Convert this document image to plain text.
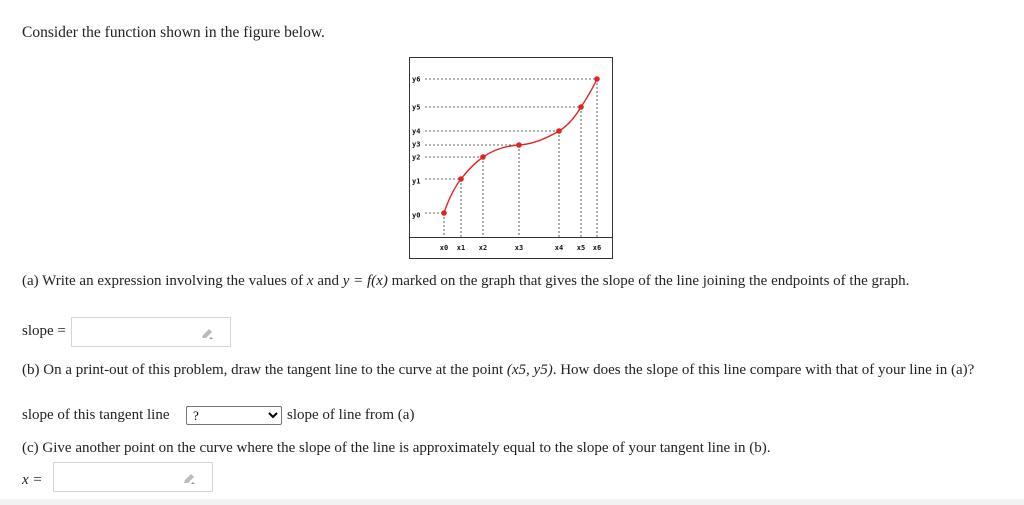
Consider the function shown in the figure below.
y6
y5
y4
y3
y2
y1
y0
x0 x1 x2	x3	x4 x5 x6
(a) Write an expression involving the values of x and y = f(x) marked on the graph that gives the slope of the line joining the endpoints of the graph.
slope =
(b) On a print-out of this problem, draw the tangent line to the curve at the point (x5, y5). How does the slope of this line compare with that of your line in (a)?
slope of this tangent line
?	slope of line from (a)
(c) Give another point on the curve where the slope of the line is approximately equal to the slope of your tangent line in (b).
x =
